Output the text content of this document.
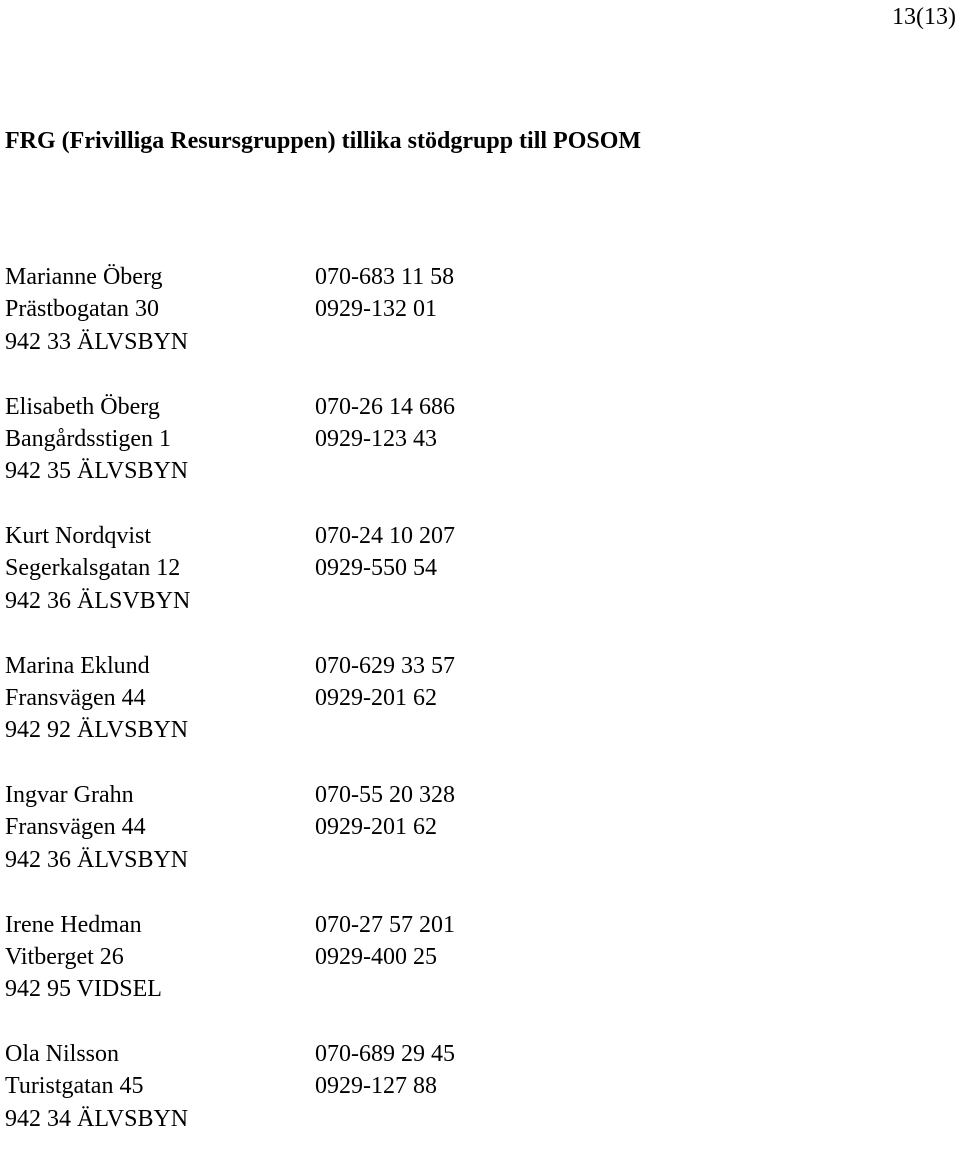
13(13)
FRG (Frivilliga Resursgruppen) tillika stödgrupp till POSOM
Marianne Öberg	070-683 11 58
Prästbogatan 30	0929-132 01
942 33 ÄLVSBYN
Elisabeth Öberg	070-26 14 686
Bangårdsstigen 1	0929-123 43
942 35 ÄLVSBYN
Kurt Nordqvist	070-24 10 207
Segerkalsgatan 12	0929-550 54
942 36 ÄLSVBYN
Marina Eklund	070-629 33 57
Fransvägen 44	0929-201 62
942 92 ÄLVSBYN
Ingvar Grahn	070-55 20 328
Fransvägen 44	0929-201 62
942 36 ÄLVSBYN
Irene Hedman	070-27 57 201
Vitberget 26	0929-400 25
942 95 VIDSEL
Ola Nilsson	070-689 29 45
Turistgatan 45	0929-127 88
942 34 ÄLVSBYN
